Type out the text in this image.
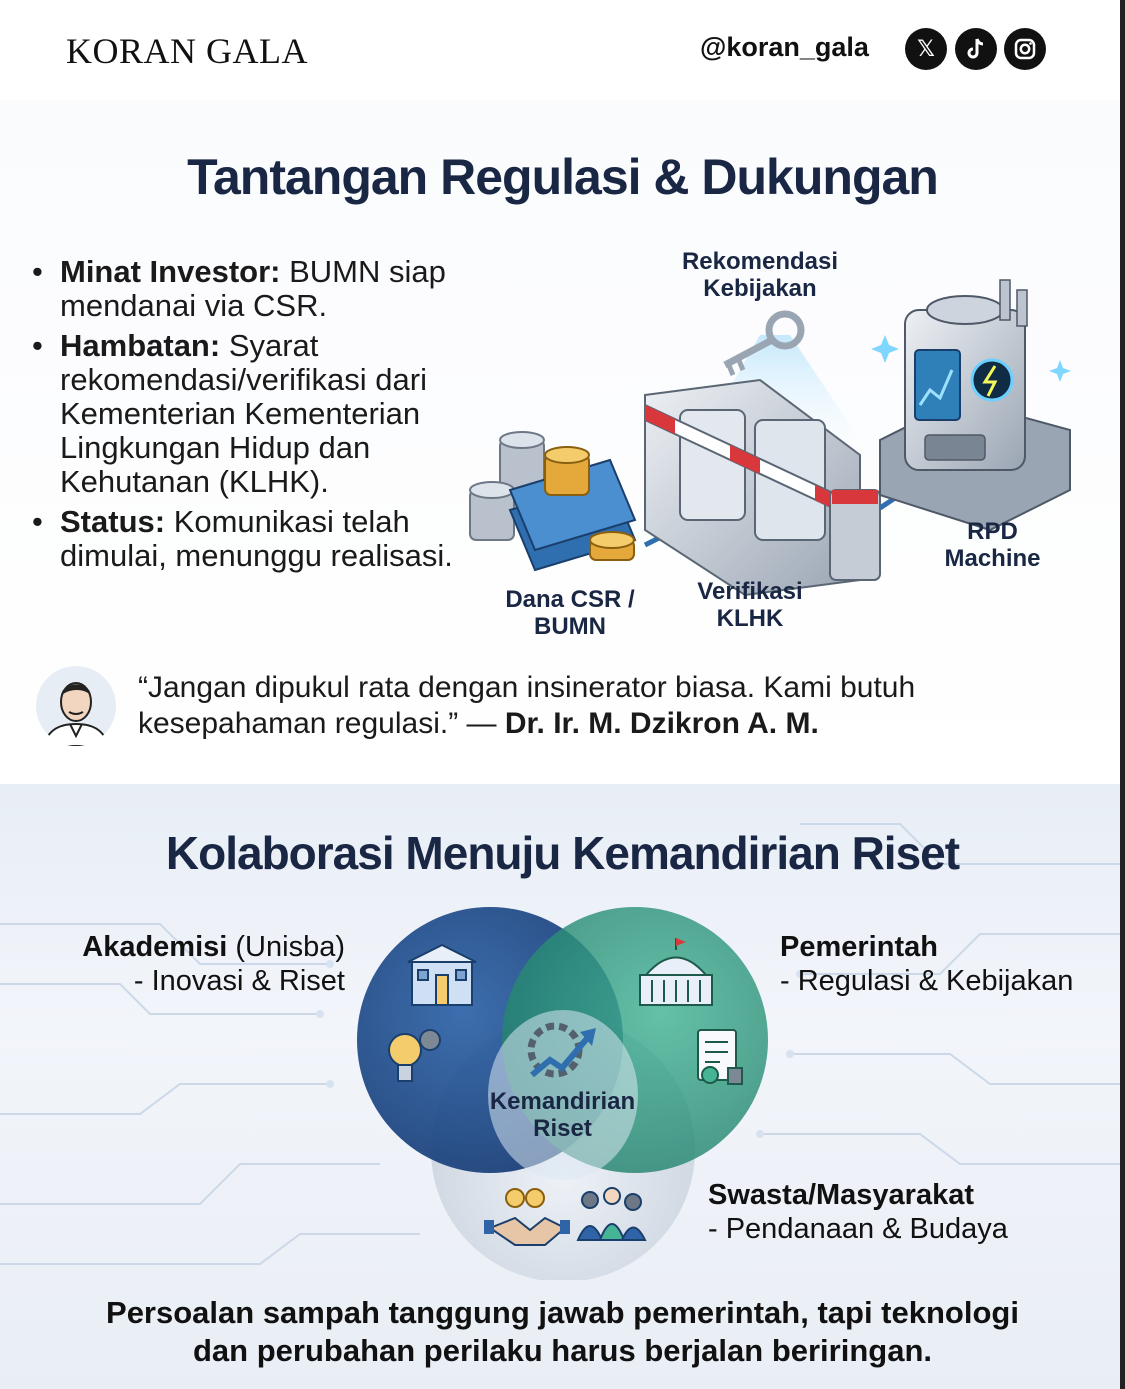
KORAN GALA	@koran_gala	𝕏
Tantangan Regulasi & Dukungan
• Minat Investor: BUMN siap mendanai via CSR.
• Hambatan: Syarat rekomendasi/verifikasi dari Kementerian Kementerian Lingkungan Hidup dan Kehutanan (KLHK).
• Status: Komunikasi telah dimulai, menunggu realisasi.
Rekomendasi Kebijakan
Dana CSR / BUMN
Verifikasi KLHK
RPD Machine
“Jangan dipukul rata dengan insinerator biasa. Kami butuh kesepahaman regulasi.” — Dr. Ir. M. Dzikron A. M.
Kolaborasi Menuju Kemandirian Riset
Kemandirian Riset
Akademisi (Unisba)
- Inovasi & Riset
Pemerintah
- Regulasi & Kebijakan
Swasta/Masyarakat
- Pendanaan & Budaya
Persoalan sampah tanggung jawab pemerintah, tapi teknologi dan perubahan perilaku harus berjalan beriringan.
